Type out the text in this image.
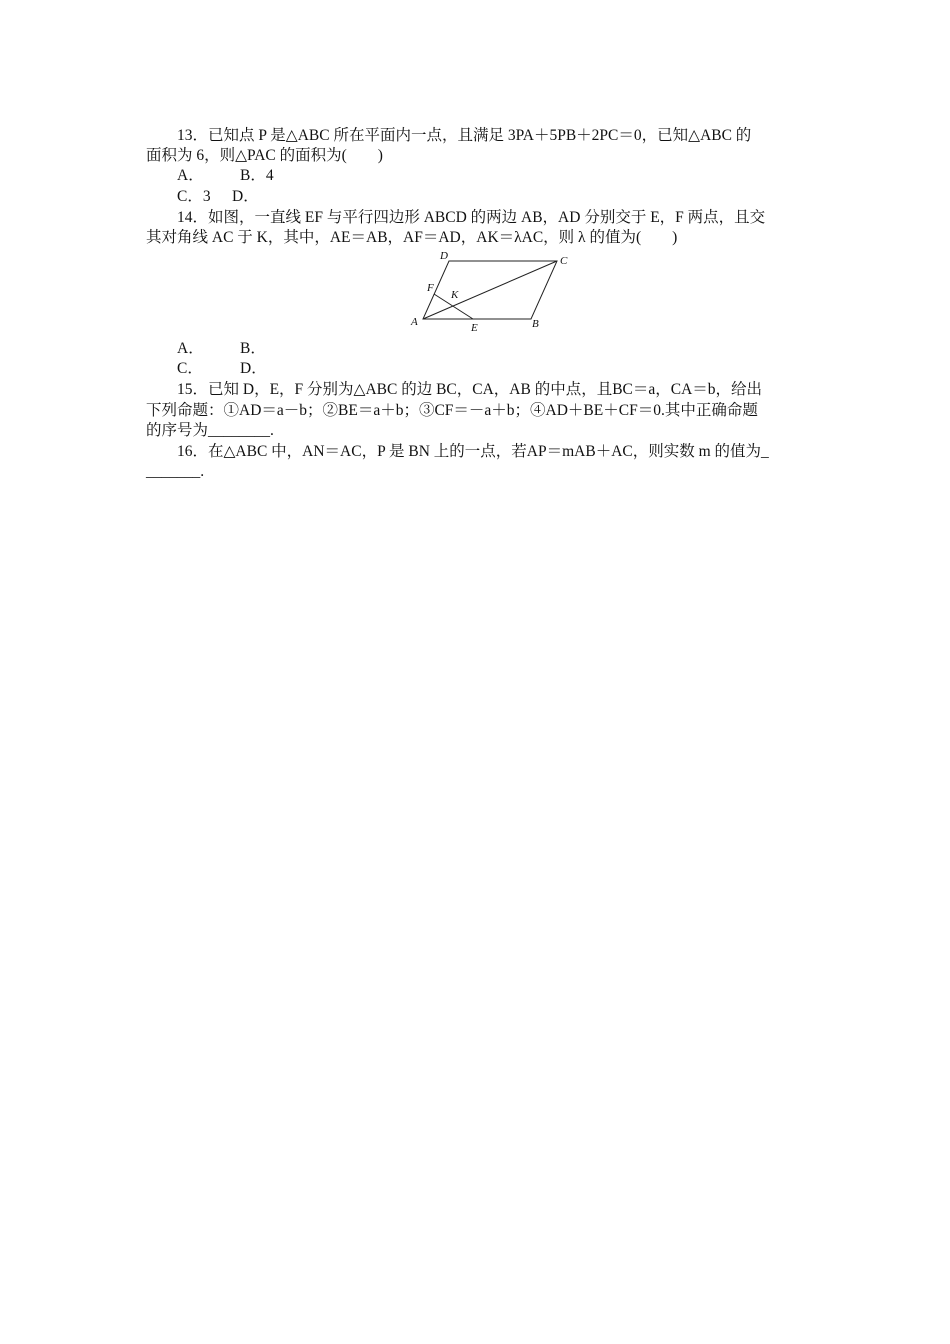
13．已知点 P 是△ABC 所在平面内一点，且满足 3PA＋5PB＋2PC＝0，已知△ABC 的
面积为 6，则△PAC 的面积为(　　)
A． B．4
C．3 D．
14．如图，一直线 EF 与平行四边形 ABCD 的两边 AB，AD 分别交于 E，F 两点，且交
其对角线 AC 于 K，其中，AE＝AB，AF＝AD，AK＝λAC，则 λ 的值为(　　)
A	B
C
D
E
F
K
A． B．
C． D．
15．已知 D，E，F 分别为△ABC 的边 BC，CA，AB 的中点，且BC＝a，CA＝b，给出
下列命题：①AD＝a－b；②BE＝a＋b；③CF＝－a＋b；④AD＋BE＋CF＝0.其中正确命题
的序号为________.
16．在△ABC 中，AN＝AC，P 是 BN 上的一点，若AP＝mAB＋AC，则实数 m 的值为_
_______.
